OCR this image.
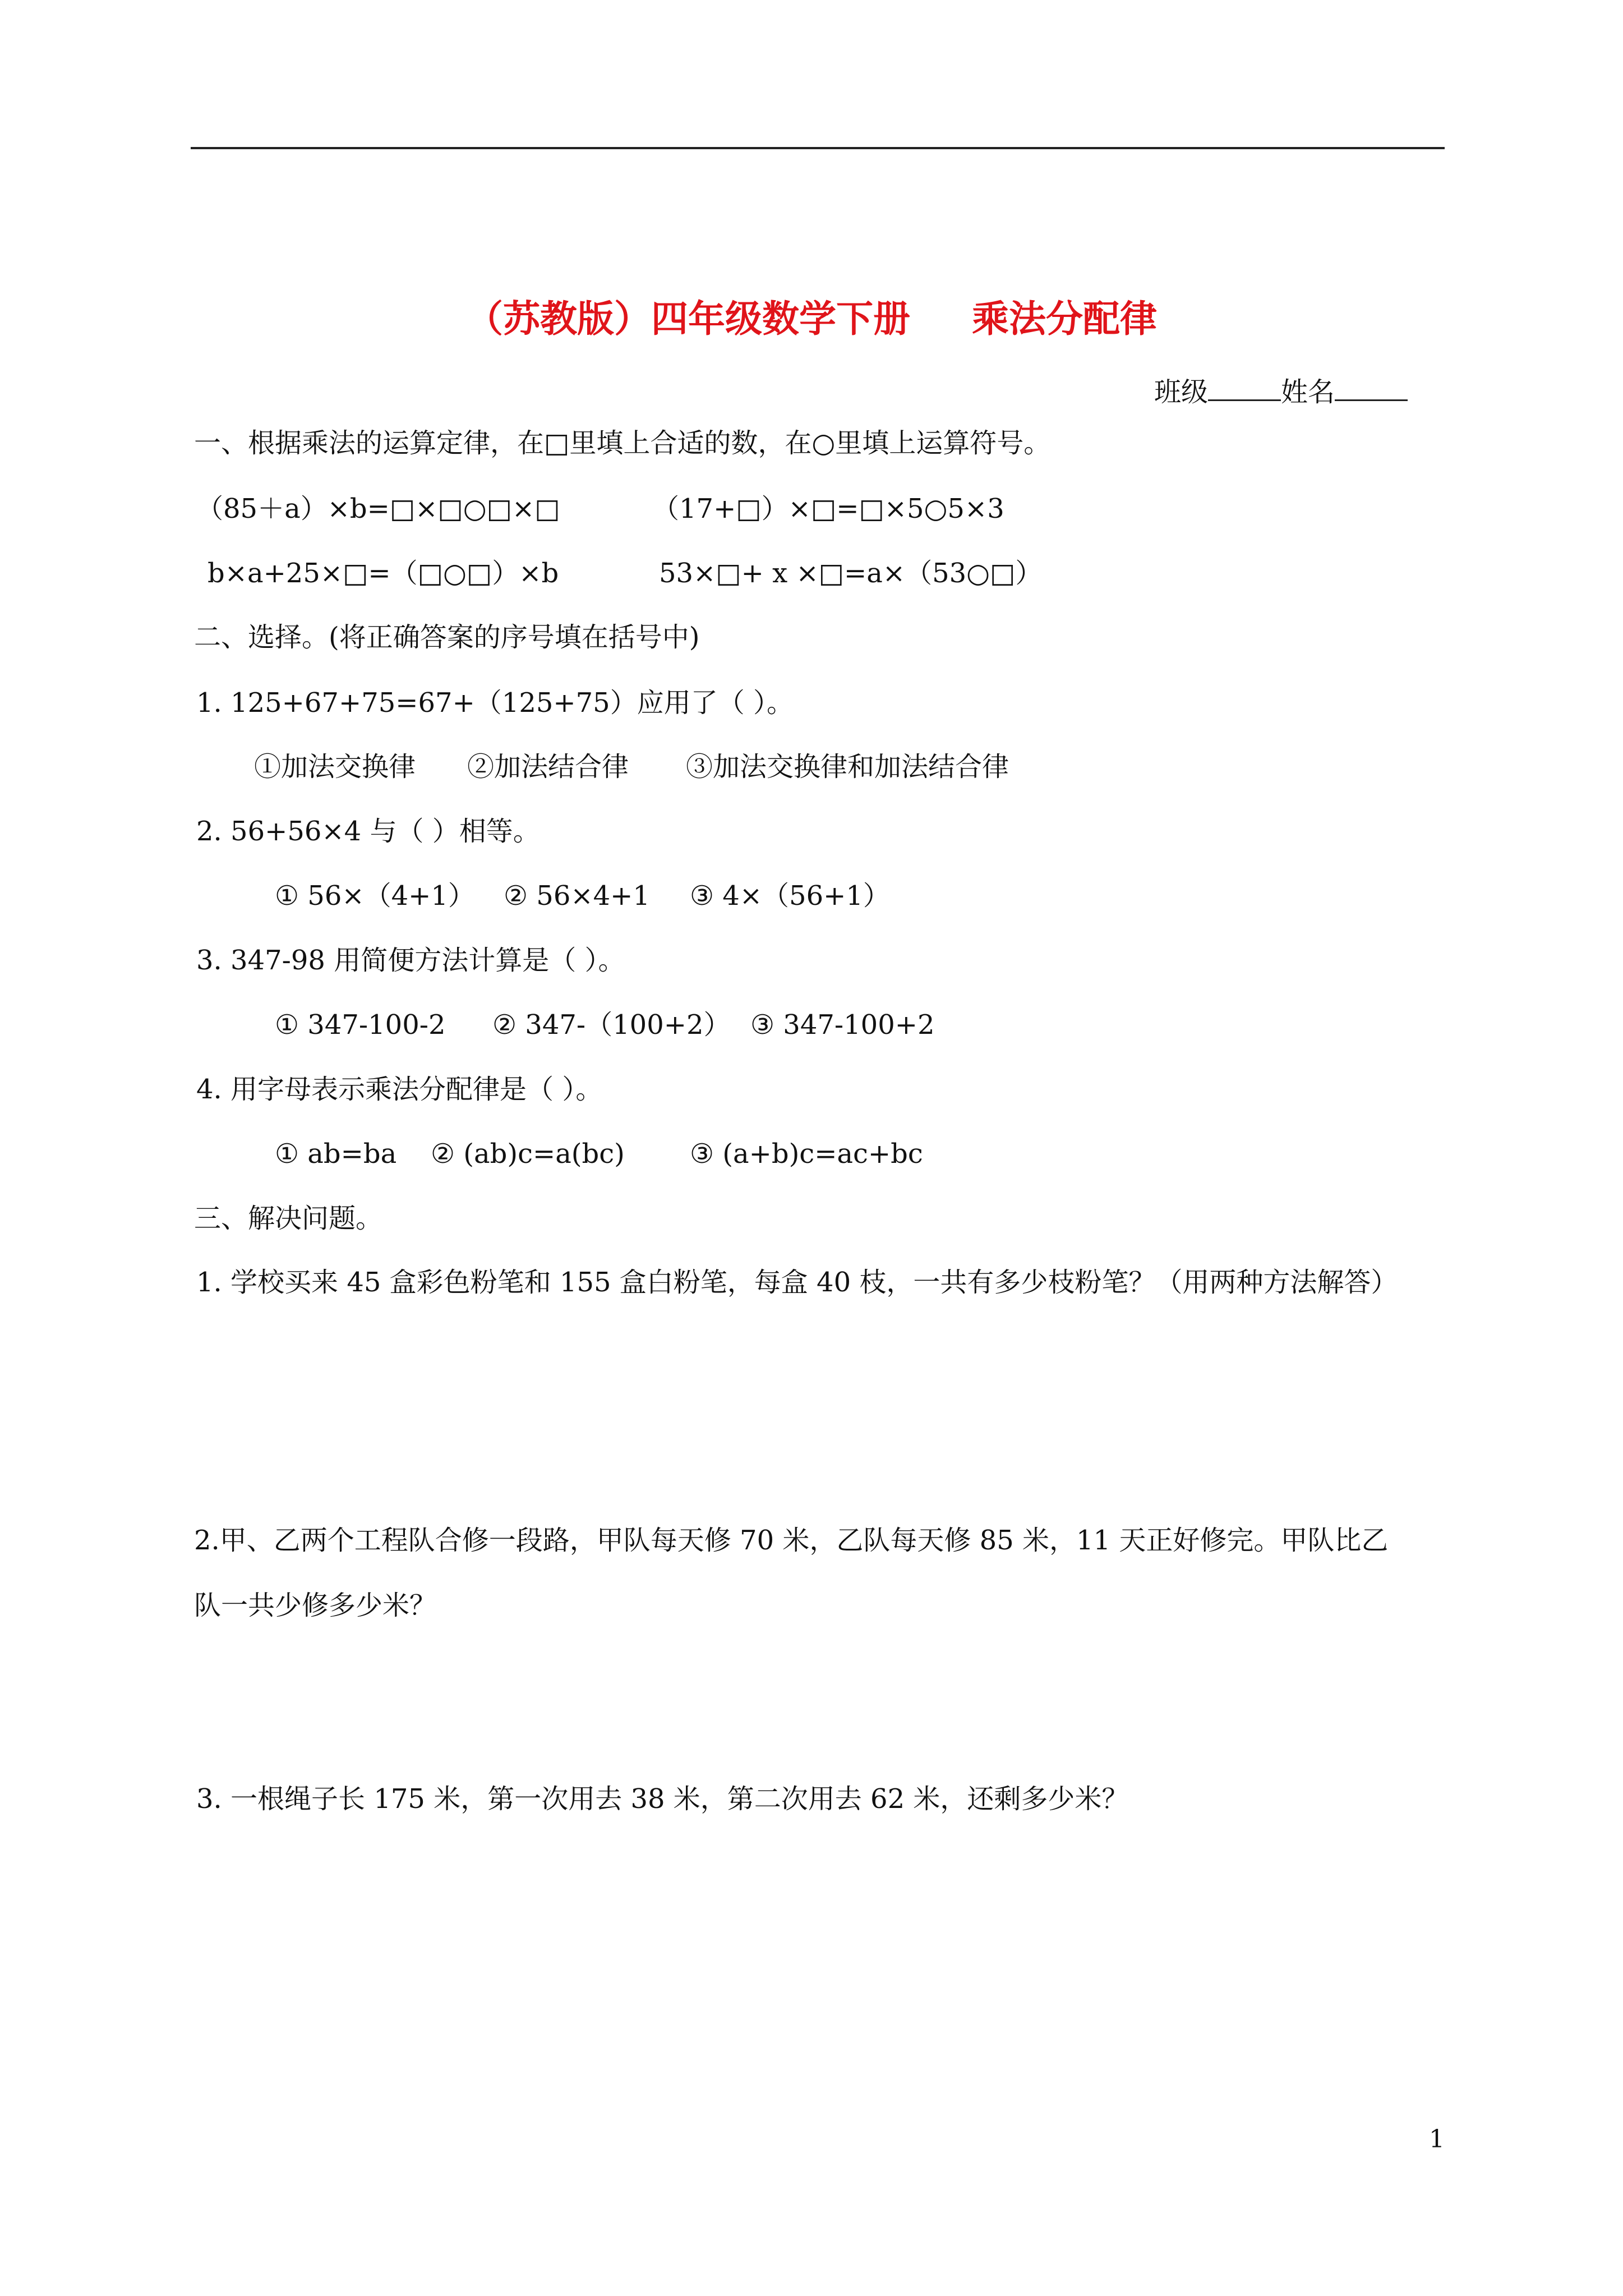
（苏教版）四年级数学下册 乘法分配律
班级	姓名
一、根据乘法的运算定律，在□里填上合适的数，在○里填上运算符号。
（85＋a）×b=□×□○□×□	（17+□）×□=□×5○5×3
b×a+25×□=（□○□）×b	53×□+ x ×□=a×（53○□）
二、选择。(将正确答案的序号填在括号中)
1. 125+67+75=67+（125+75）应用了（ ）。
①加法交换律 ②加法结合律 ③加法交换律和加法结合律
2. 56+56×4 与（ ）相等。
① 56×（4+1） ② 56×4+1 ③ 4×（56+1）
3. 347-98 用简便方法计算是（ ）。
① 347-100-2 ② 347-（100+2） ③ 347-100+2
4. 用字母表示乘法分配律是（ ）。
① ab=ba ② (ab)c=a(bc) ③ (a+b)c=ac+bc
三、解决问题。
1. 学校买来 45 盒彩色粉笔和 155 盒白粉笔，每盒 40 枝，一共有多少枝粉笔？（用两种方法解答）
2.甲、乙两个工程队合修一段路，甲队每天修 70 米，乙队每天修 85 米，11 天正好修完。甲队比乙
队一共少修多少米？
3. 一根绳子长 175 米，第一次用去 38 米，第二次用去 62 米，还剩多少米？
1
